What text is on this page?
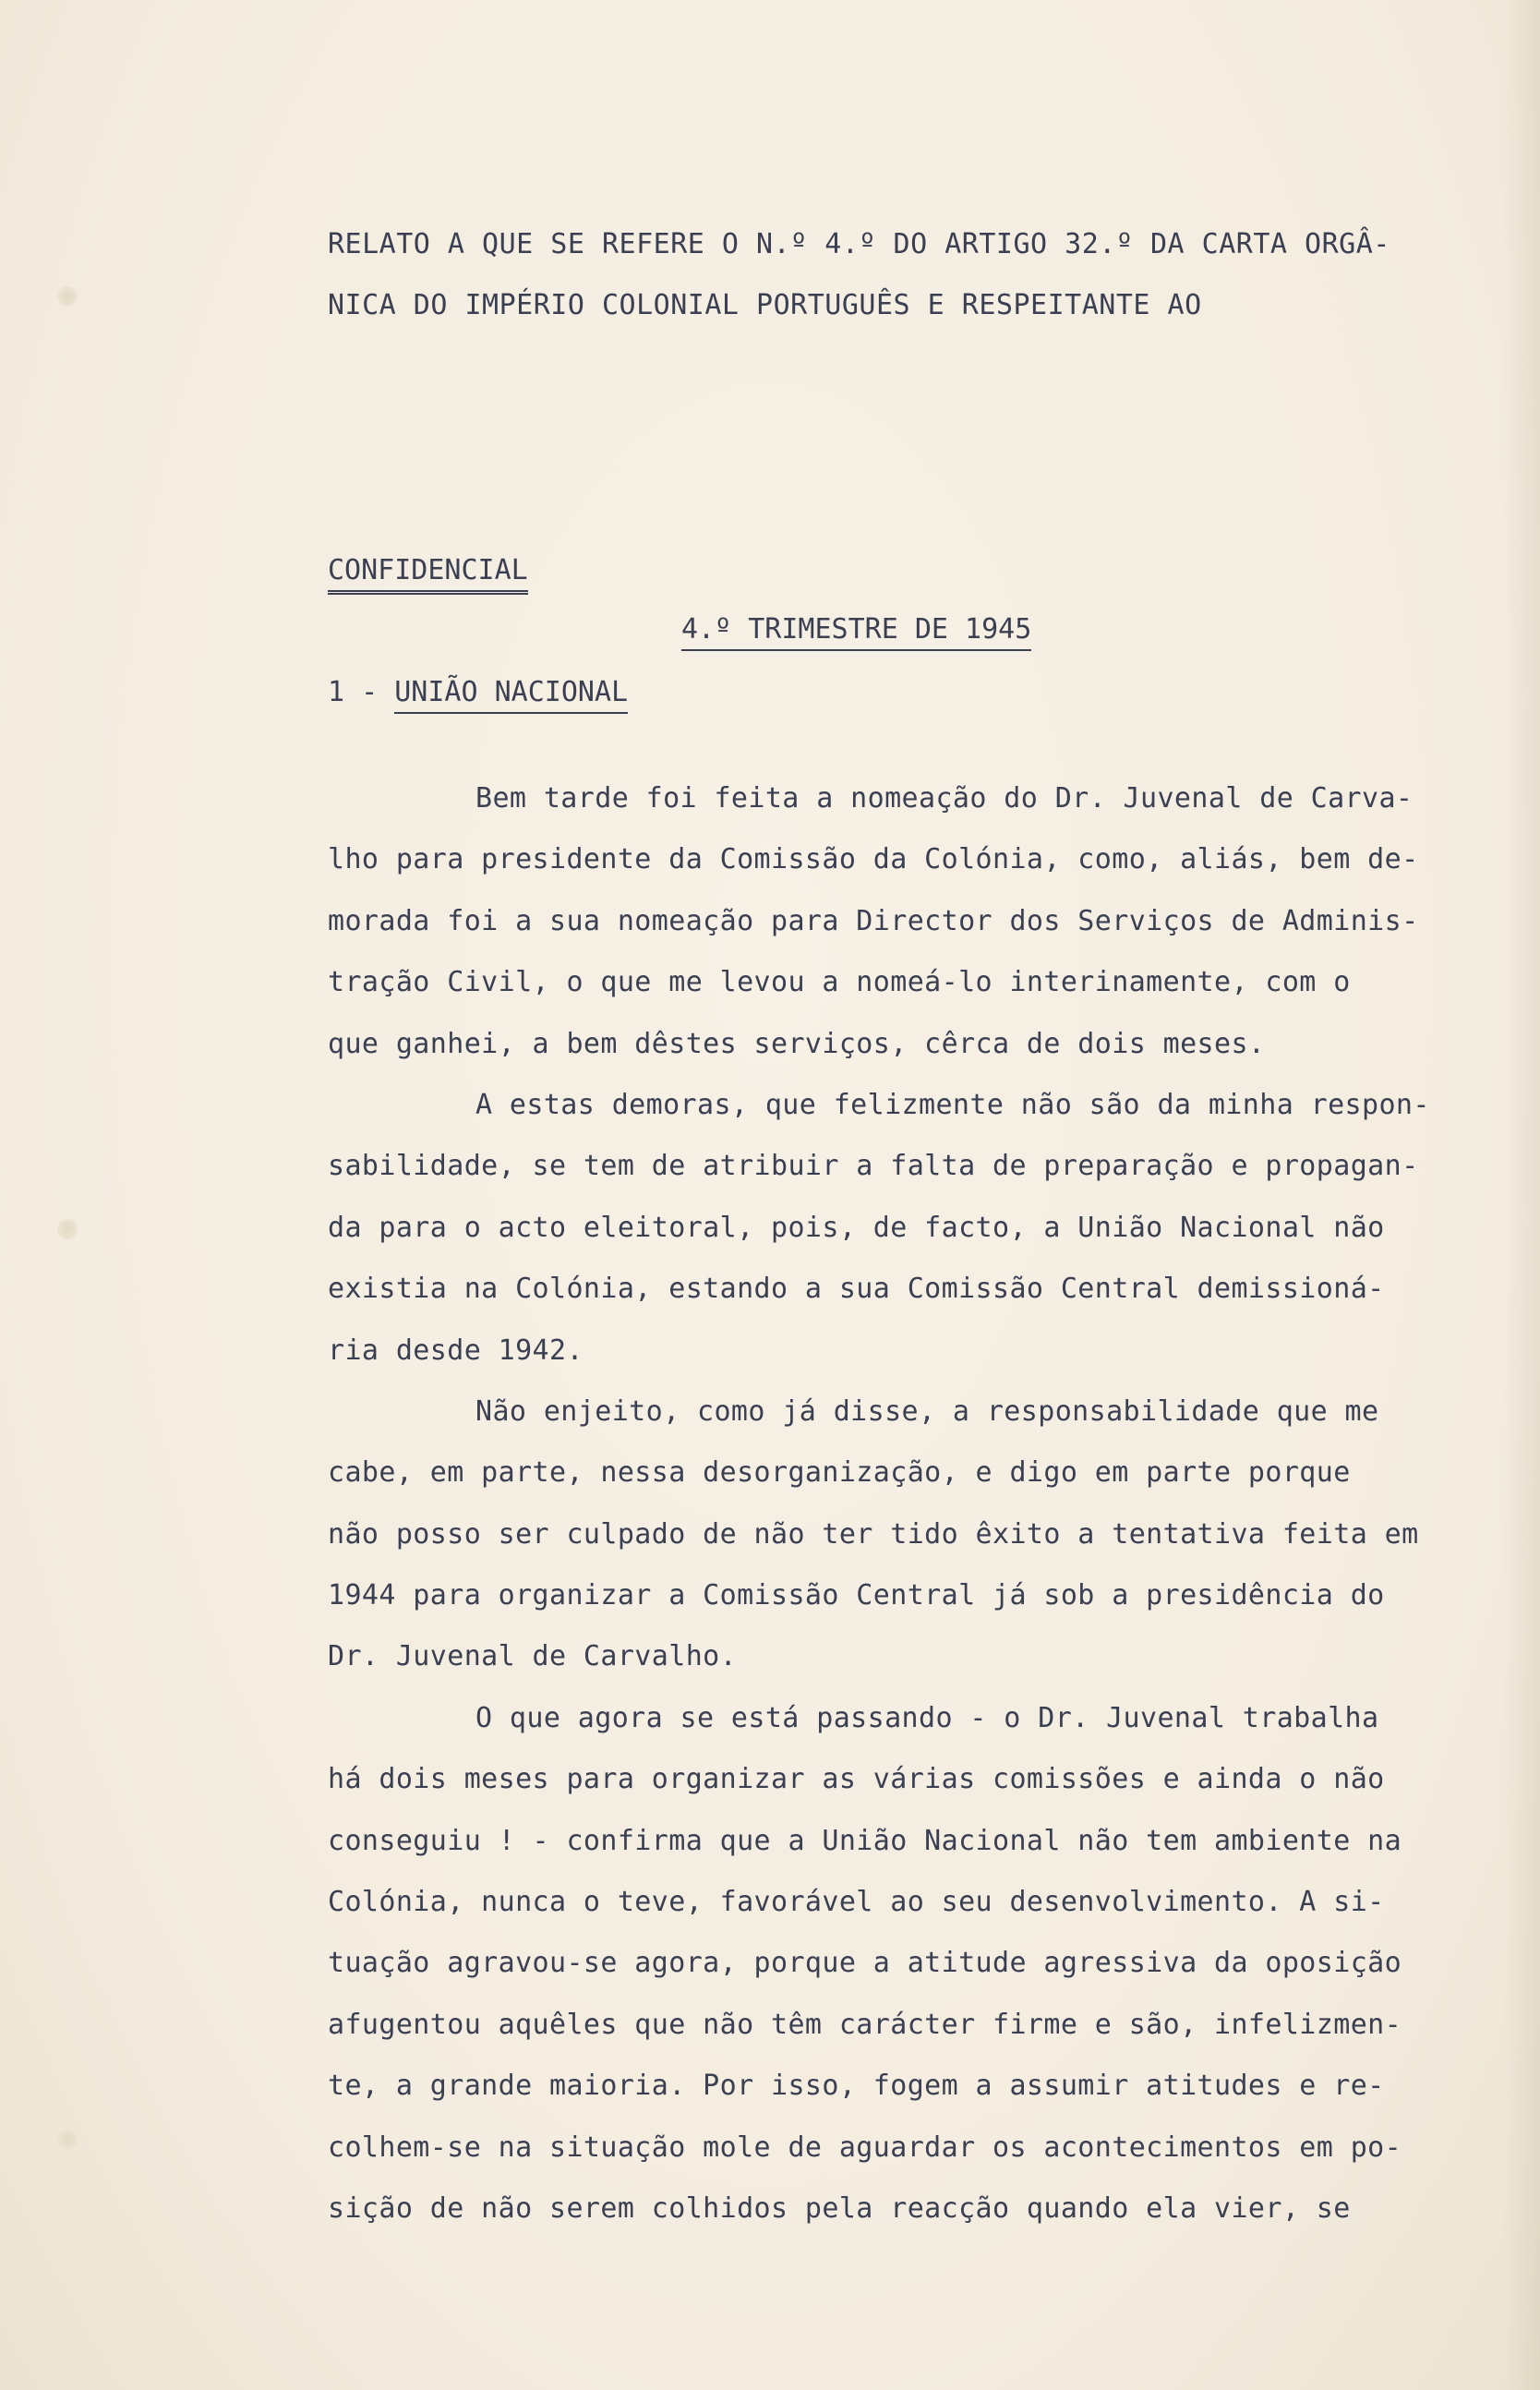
RELATO A QUE SE REFERE O N.º 4.º DO ARTIGO 32.º DA CARTA ORGÂ-
NICA DO IMPÉRIO COLONIAL PORTUGUÊS E RESPEITANTE AO
4.º TRIMESTRE DE 1945
CONFIDENCIAL
1 - UNIÃO NACIONAL
Bem tarde foi feita a nomeação do Dr. Juvenal de Carva-
lho para presidente da Comissão da Colónia, como, aliás, bem de-
morada foi a sua nomeação para Director dos Serviços de Adminis-
tração Civil, o que me levou a nomeá-lo interinamente, com o
que ganhei, a bem dêstes serviços, cêrca de dois meses.
A estas demoras, que felizmente não são da minha respon-
sabilidade, se tem de atribuir a falta de preparação e propagan-
da para o acto eleitoral, pois, de facto, a União Nacional não
existia na Colónia, estando a sua Comissão Central demissioná-
ria desde 1942.
Não enjeito, como já disse, a responsabilidade que me
cabe, em parte, nessa desorganização, e digo em parte porque
não posso ser culpado de não ter tido êxito a tentativa feita em
1944 para organizar a Comissão Central já sob a presidência do
Dr. Juvenal de Carvalho.
O que agora se está passando - o Dr. Juvenal trabalha
há dois meses para organizar as várias comissões e ainda o não
conseguiu ! - confirma que a União Nacional não tem ambiente na
Colónia, nunca o teve, favorável ao seu desenvolvimento. A si-
tuação agravou-se agora, porque a atitude agressiva da oposição
afugentou aquêles que não têm carácter firme e são, infelizmen-
te, a grande maioria. Por isso, fogem a assumir atitudes e re-
colhem-se na situação mole de aguardar os acontecimentos em po-
sição de não serem colhidos pela reacção quando ela vier, se
